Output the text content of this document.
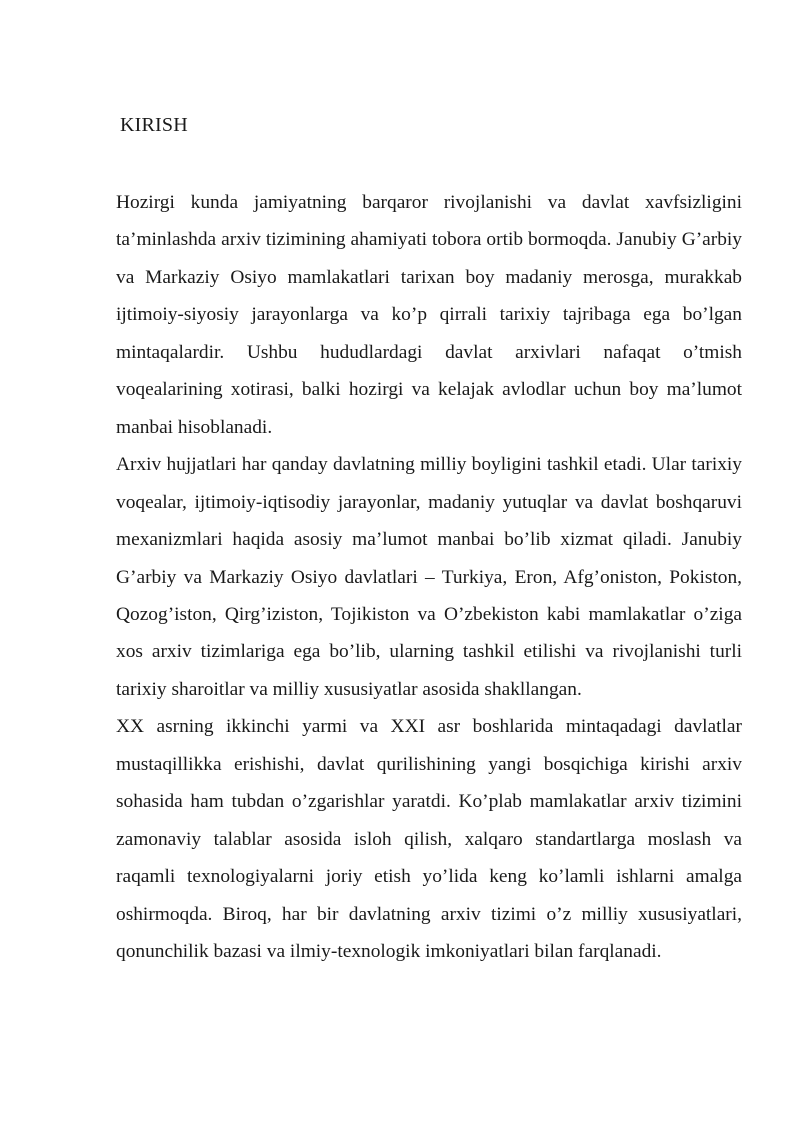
KIRISH

Hozirgi kunda jamiyatning barqaror rivojlanishi va davlat xavfsizligini ta’minlashda arxiv tizimining ahamiyati tobora ortib bormoqda. Janubiy G’arbiy va Markaziy Osiyo mamlakatlari tarixan boy madaniy merosga, murakkab ijtimoiy-siyosiy jarayonlarga va ko’p qirrali tarixiy tajribaga ega bo’lgan mintaqalardir. Ushbu hududlardagi davlat arxivlari nafaqat o’tmish voqealarining xotirasi, balki hozirgi va kelajak avlodlar uchun boy ma’lumot manbai hisoblanadi.

Arxiv hujjatlari har qanday davlatning milliy boyligini tashkil etadi. Ular tarixiy voqealar, ijtimoiy-iqtisodiy jarayonlar, madaniy yutuqlar va davlat boshqaruvi mexanizmlari haqida asosiy ma’lumot manbai bo’lib xizmat qiladi. Janubiy G’arbiy va Markaziy Osiyo davlatlari – Turkiya, Eron, Afg’oniston, Pokiston, Qozog’iston, Qirg’iziston, Tojikiston va O’zbekiston kabi mamlakatlar o’ziga xos arxiv tizimlariga ega bo’lib, ularning tashkil etilishi va rivojlanishi turli tarixiy sharoitlar va milliy xususiyatlar asosida shakllangan.

XX asrning ikkinchi yarmi va XXI asr boshlarida mintaqadagi davlatlar mustaqillikka erishishi, davlat qurilishining yangi bosqichiga kirishi arxiv sohasida ham tubdan o’zgarishlar yaratdi. Ko’plab mamlakatlar arxiv tizimini zamonaviy talablar asosida isloh qilish, xalqaro standartlarga moslash va raqamli texnologiyalarni joriy etish yo’lida keng ko’lamli ishlarni amalga oshirmoqda. Biroq, har bir davlatning arxiv tizimi o’z milliy xususiyatlari, qonunchilik bazasi va ilmiy-texnologik imkoniyatlari bilan farqlanadi.
